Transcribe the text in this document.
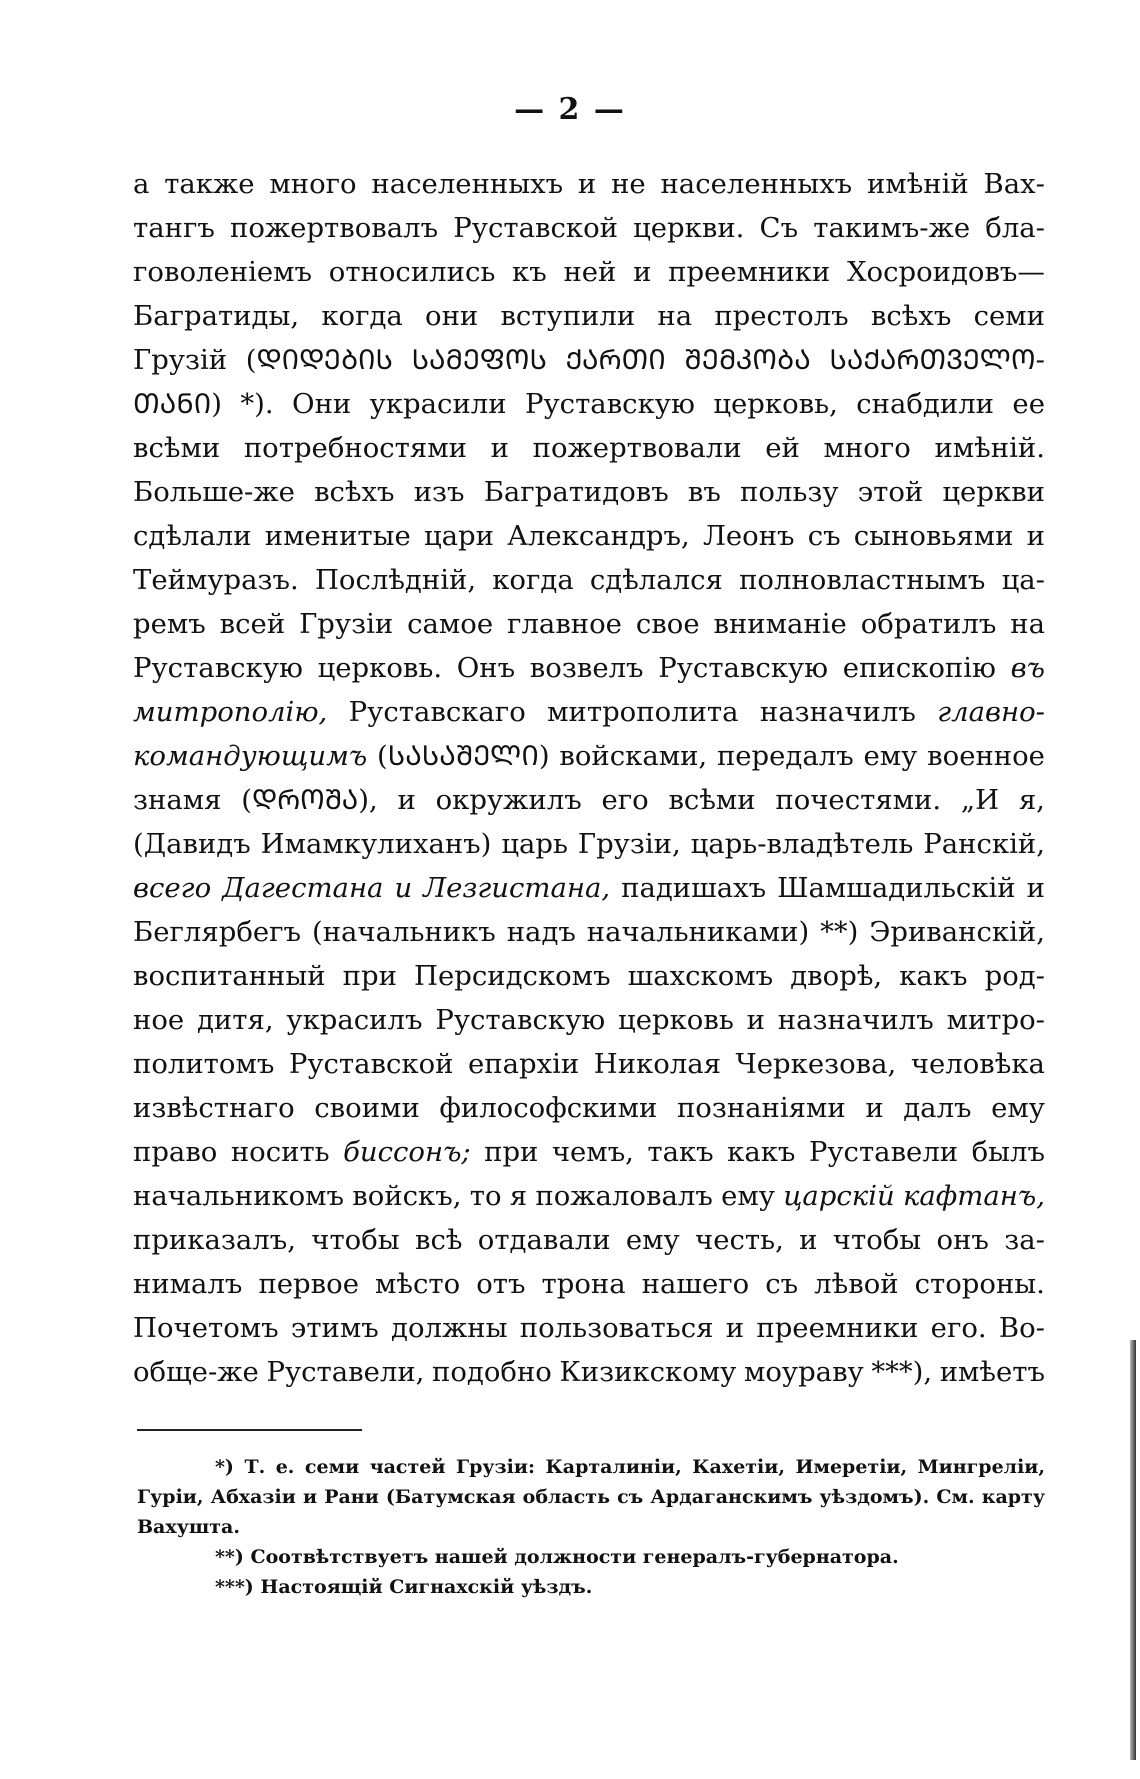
— 2 —
а также много населенныхъ и не населенныхъ имѣній Вах-
тангъ пожертвовалъ Руставской церкви. Съ такимъ-же бла-
говоленіемъ относились къ ней и преемники Хосроидовъ—
Багратиды, когда они вступили на престолъ всѣхъ семи
Грузій (ᲓᲘᲓᲔᲑᲘᲡ ᲡᲐᲛᲔᲤᲝᲡ ᲥᲐᲠᲗᲘ ᲨᲔᲛᲙᲝᲑᲐ ᲡᲐᲥᲐᲠᲗᲕᲔᲚᲝ-
ᲗᲐᲜᲘ) *). Они украсили Руставскую церковь, снабдили ее
всѣми потребностями и пожертвовали ей много имѣній.
Больше-же всѣхъ изъ Багратидовъ въ пользу этой церкви
сдѣлали именитые цари Александръ, Леонъ съ сыновьями и
Теймуразъ. Послѣдній, когда сдѣлался полновластнымъ ца-
ремъ всей Грузіи самое главное свое вниманіе обратилъ на
Руставскую церковь. Онъ возвелъ Руставскую епископію въ
митрополію, Руставскаго митрополита назначилъ главно-
командующимъ (ᲡᲐᲡᲐᲨᲔᲚᲘ) войсками, передалъ ему военное
знамя (ᲓᲠᲝᲨᲐ), и окружилъ его всѣми почестями. „И я,
(Давидъ Имамкулиханъ) царь Грузіи, царь-владѣтель Ранскій,
всего Дагестана и Лезгистана, падишахъ Шамшадильскій и
Беглярбегъ (начальникъ надъ начальниками) **) Эриванскій,
воспитанный при Персидскомъ шахскомъ дворѣ, какъ род-
ное дитя, украсилъ Руставскую церковь и назначилъ митро-
политомъ Руставской епархіи Николая Черкезова, человѣка
извѣстнаго своими философскими познаніями и далъ ему
право носить биссонъ; при чемъ, такъ какъ Руставели былъ
начальникомъ войскъ, то я пожаловалъ ему царскій кафтанъ,
приказалъ, чтобы всѣ отдавали ему честь, и чтобы онъ за-
нималъ первое мѣсто отъ трона нашего съ лѣвой стороны.
Почетомъ этимъ должны пользоваться и преемники его. Во-
обще-же Руставели, подобно Кизикскому моураву ***), имѣетъ
*) Т. е. семи частей Грузіи: Карталиніи, Кахетіи, Имеретіи, Мингреліи, Гуріи, Абхазіи и Рани (Батумская область съ Ардаганскимъ уѣздомъ). См. карту Вахушта.
**) Соотвѣтствуетъ нашей должности генералъ-губернатора.
***) Настоящій Сигнахскій уѣздъ.
